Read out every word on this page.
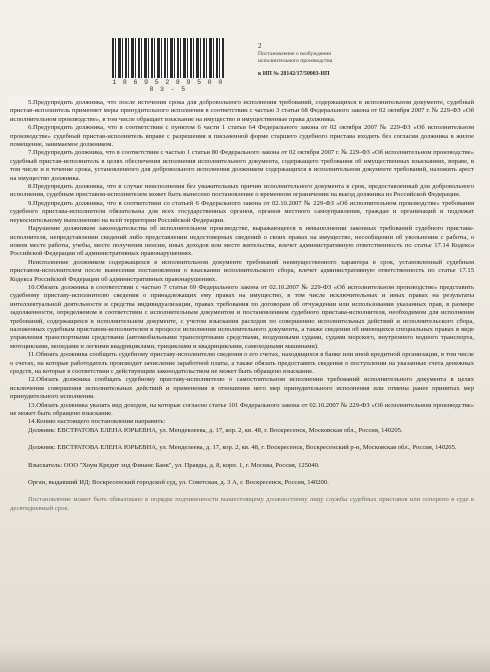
1 8 6 9 5 2 8 9 5 0 0 8 3 - 5
2
Постановление о возбуждении исполнительного производства
к ИП № 28142/17/50003-ИП

5.Предупредить должника, что после истечения срока для добровольного исполнения требований, содержащихся в исполнительном документе, судебный пристав-исполнитель применяет меры принудительного исполнения в соответствии с частью 3 статьи 68 Федерального закона от 02 октября 2007 г. № 229-ФЗ «Об исполнительном производстве», в том числе обращает взыскание на имущество и имущественные права должника.

6.Предупредить должника, что в соответствии с пунктом 6 части 1 статьи 64 Федерального закона от 02 октября 2007 № 229-ФЗ «Об исполнительном производстве» судебный пристав-исполнитель вправе с разрешения в письменной форме старшего судебного пристава входить без согласия должника в жилое помещение, занимаемое должником.

7.Предупредить должника, что в соответствии с частью 1 статьи 80 Федерального закона от 02 октября 2007 г. № 229-ФЗ «Об исполнительном производстве» судебный пристав-исполнитель в целях обеспечения исполнения исполнительного документа, содержащего требования об имущественных взысканиях, вправе, в том числе и в течение срока, установленного для добровольного исполнения должником содержащихся в исполнительном документе требований, наложить арест на имущество должника.

8.Предупредить должника, что в случае неисполнения без уважительных причин исполнительного документа в срок, предоставленный для добровольного исполнения, судебным приставом-исполнителем может быть вынесено постановление о временном ограничении на выезд должника из Российской Федерации.

9.Предупредить должника, что в соответствии со статьей 6 Федерального закона от 02.10.2007 № 229-ФЗ «Об исполнительном производстве» требования судебного пристава-исполнителя обязательны для всех государственных органов, органов местного самоуправления, граждан и организаций и подлежат неукоснительному выполнению на всей территории Российской Федерации.

Нарушение должником законодательства об исполнительном производстве, выражающееся в невыполнении законных требований судебного пристава-исполнителя, непредставлении сведений либо представлении недостоверных сведений о своих правах на имущество, несообщении об увольнении с работы, о новом месте работы, учебы, месте получения пенсии, иных доходов или месте жительства, влечет административную ответственность по статье 17.14 Кодекса Российской Федерации об административных правонарушениях.

Неисполнение должником содержащихся в исполнительном документе требований неимущественного характера в срок, установленный судебным приставом-исполнителем после вынесения постановления о взыскании исполнительского сбора, влечет административную ответственность по статье 17.15 Кодекса Российской Федерации об административных правонарушениях.

10.Обязать должника в соответствии с частью 7 статьи 69 Федерального закона от 02.10.2007 № 229-ФЗ «Об исполнительном производстве» представить судебному приставу-исполнителю сведения о принадлежащих ему правах на имущество, в том числе исключительных и иных правах на результаты интеллектуальной деятельности и средства индивидуализации, правах требования по договорам об отчуждении или использовании указанных прав, в размере задолженности, определяемом в соответствии с исполнительным документом и постановлением судебного пристава-исполнителя, необходимом для исполнения требований, содержащихся в исполнительном документе, с учетом взыскания расходов по совершению исполнительных действий и исполнительского сбора, наложенных судебным приставом-исполнителем в процессе исполнения исполнительного документа, а также сведения об имеющихся специальных правах в виде управления транспортными средствами (автомобильными транспортными средствами, воздушными судами, судами морского, внутреннего водного транспорта, мотоциклами, мопедами и легкими квадрициклами, трициклами и квадрициклами, самоходными машинами).

11.Обязать должника сообщить судебному приставу-исполнителю сведения о его счетах, находящихся в банке или иной кредитной организации, в том числе о счетах, на которые работодатель производит зачисление заработной платы, а также обязать предоставить сведения о поступлении на указанные счета денежных средств, на которые в соответствии с действующим законодательством не может быть обращено взыскание.

12.Обязать должника сообщать судебному приставу-исполнителю о самостоятельном исполнении требований исполнительного документа в целях исключения совершения исполнительных действий и применения в отношении него мер принудительного исполнения или отмены ранее принятых мер принудительного исполнения.

13.Обязать должника указать вид доходов, на которые согласно статье 101 Федерального закона от 02.10.2007 № 229-ФЗ «Об исполнительном производстве» не может быть обращено взыскание.

14.Копию настоящего постановления направить:

Должник: ЕВСТРАТОВА ЕЛЕНА ЮРЬЕВНА, ул. Мендевлеева, д. 17, кор. 2, кв. 48, г. Воскресенск, Московская обл., Россия, 140205.

Должник: ЕВСТРАТОВА ЕЛЕНА ЮРЬЕВНА, ул. Менделеева, д. 17, кор. 2, кв. 48, г. Воскресенск, Воскресенский р-н, Московская обл., Россия, 140205.

Взыскатель: ООО "Хоум Кредит энд Финанс Банк", ул. Правды, д. 8, корп. 1, г. Москва, Россия, 125040.

Орган, выдавший ИД: Воскресенский городской суд, ул. Советская, д. 3 А, г. Воскресенск, Россия, 140200.

Постановление может быть обжаловано в порядке подчиненности вышестоящему должностному лицу службы судебных приставов или оспорено в суде в десятидневный срок.
